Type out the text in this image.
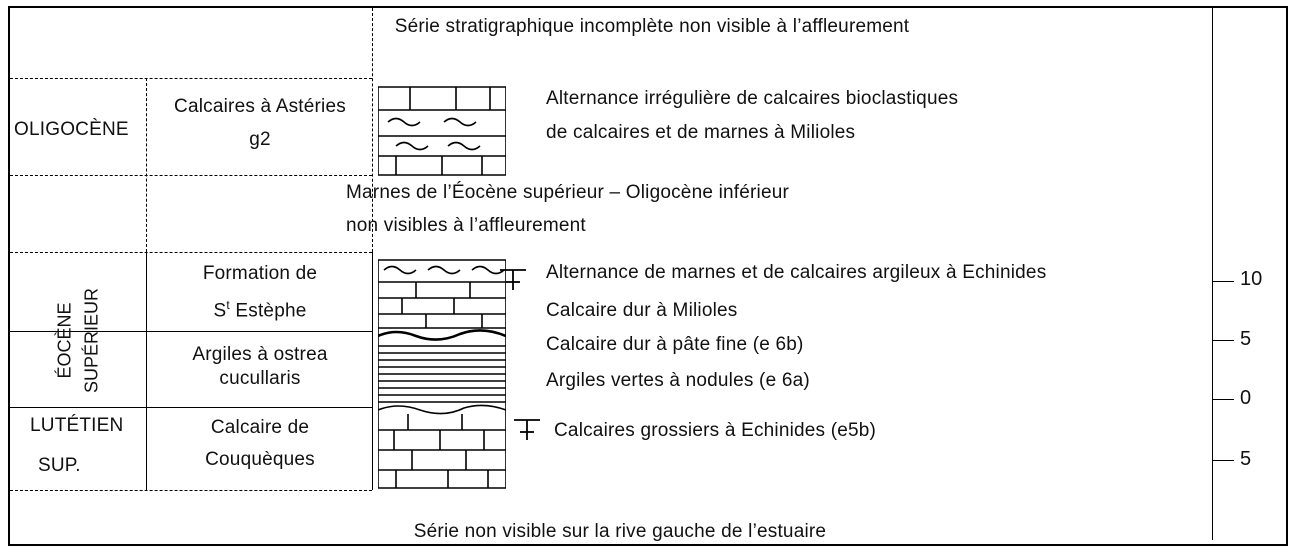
Série stratigraphique incomplète non visible à l’affleurement
OLIGOCÈNE
ÉOCÈNE SUPÉRIEUR
LUTÉTIEN
SUP.
Calcaires à Astéries
g2
Formation de
$S^t$ Estèphe
Argiles à ostrea
cucullaris
Calcaire de
Couquèques
Marnes de l’Éocène supérieur – Oligocène inférieur
non visibles à l’affleurement
Alternance irrégulière de calcaires bioclastiques
de calcaires et de marnes à Milioles
Alternance de marnes et de calcaires argileux à Echinides
Calcaire dur à Milioles
Calcaire dur à pâte fine (e 6b)
Argiles vertes à nodules (e 6a)
Calcaires grossiers à Echinides (e5b)
10
5
0
5
Série non visible sur la rive gauche de l’estuaire
